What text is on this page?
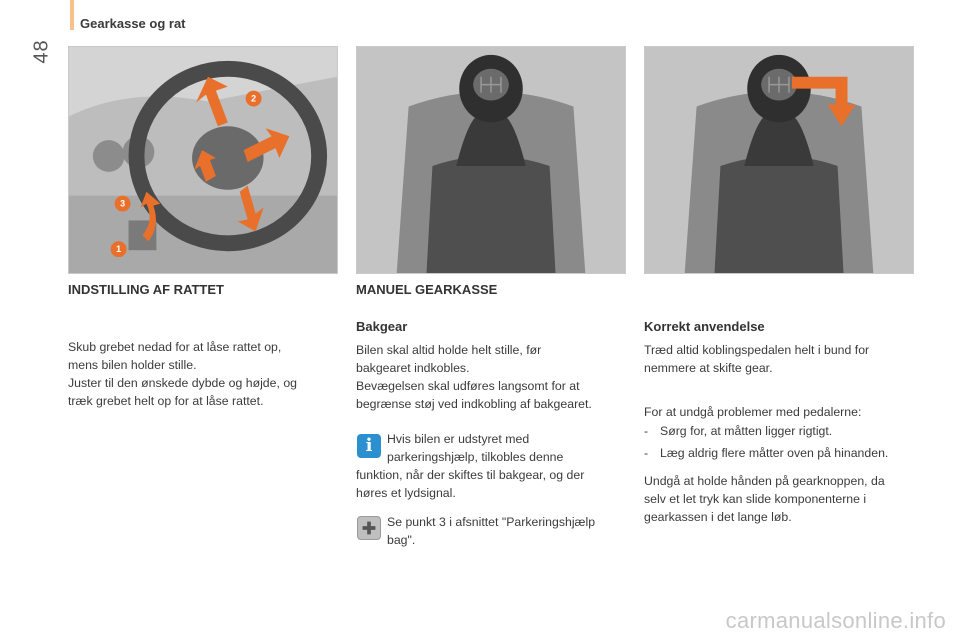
48
Gearkasse og rat
2
3
1
INDSTILLING AF RATTET

Skub grebet nedad for at låse rattet op,

mens bilen holder stille.

Juster til den ønskede dybde og højde, og

træk grebet helt op for at låse rattet.

MANUEL GEARKASSE
Bakgear

Bilen skal altid holde helt stille, før

bakgearet indkobles.

Bevægelsen skal udføres langsomt for at

begrænse støj ved indkobling af bakgearet.

i	Hvis bilen er udstyret med

parkeringshjælp, tilkobles denne

funktion, når der skiftes til bakgear, og der

høres et lydsignal.

Se punkt 3 i afsnittet "Parkeringshjælp

bag".

Korrekt anvendelse

Træd altid koblingspedalen helt i bund for

nemmere at skifte gear.

For at undgå problemer med pedalerne:

- Sørg for, at måtten ligger rigtigt.
- Læg aldrig flere måtter oven på hinanden.

Undgå at holde hånden på gearknoppen, da

selv et let tryk kan slide komponenterne i

gearkassen i det lange løb.

carmanualsonline.info
